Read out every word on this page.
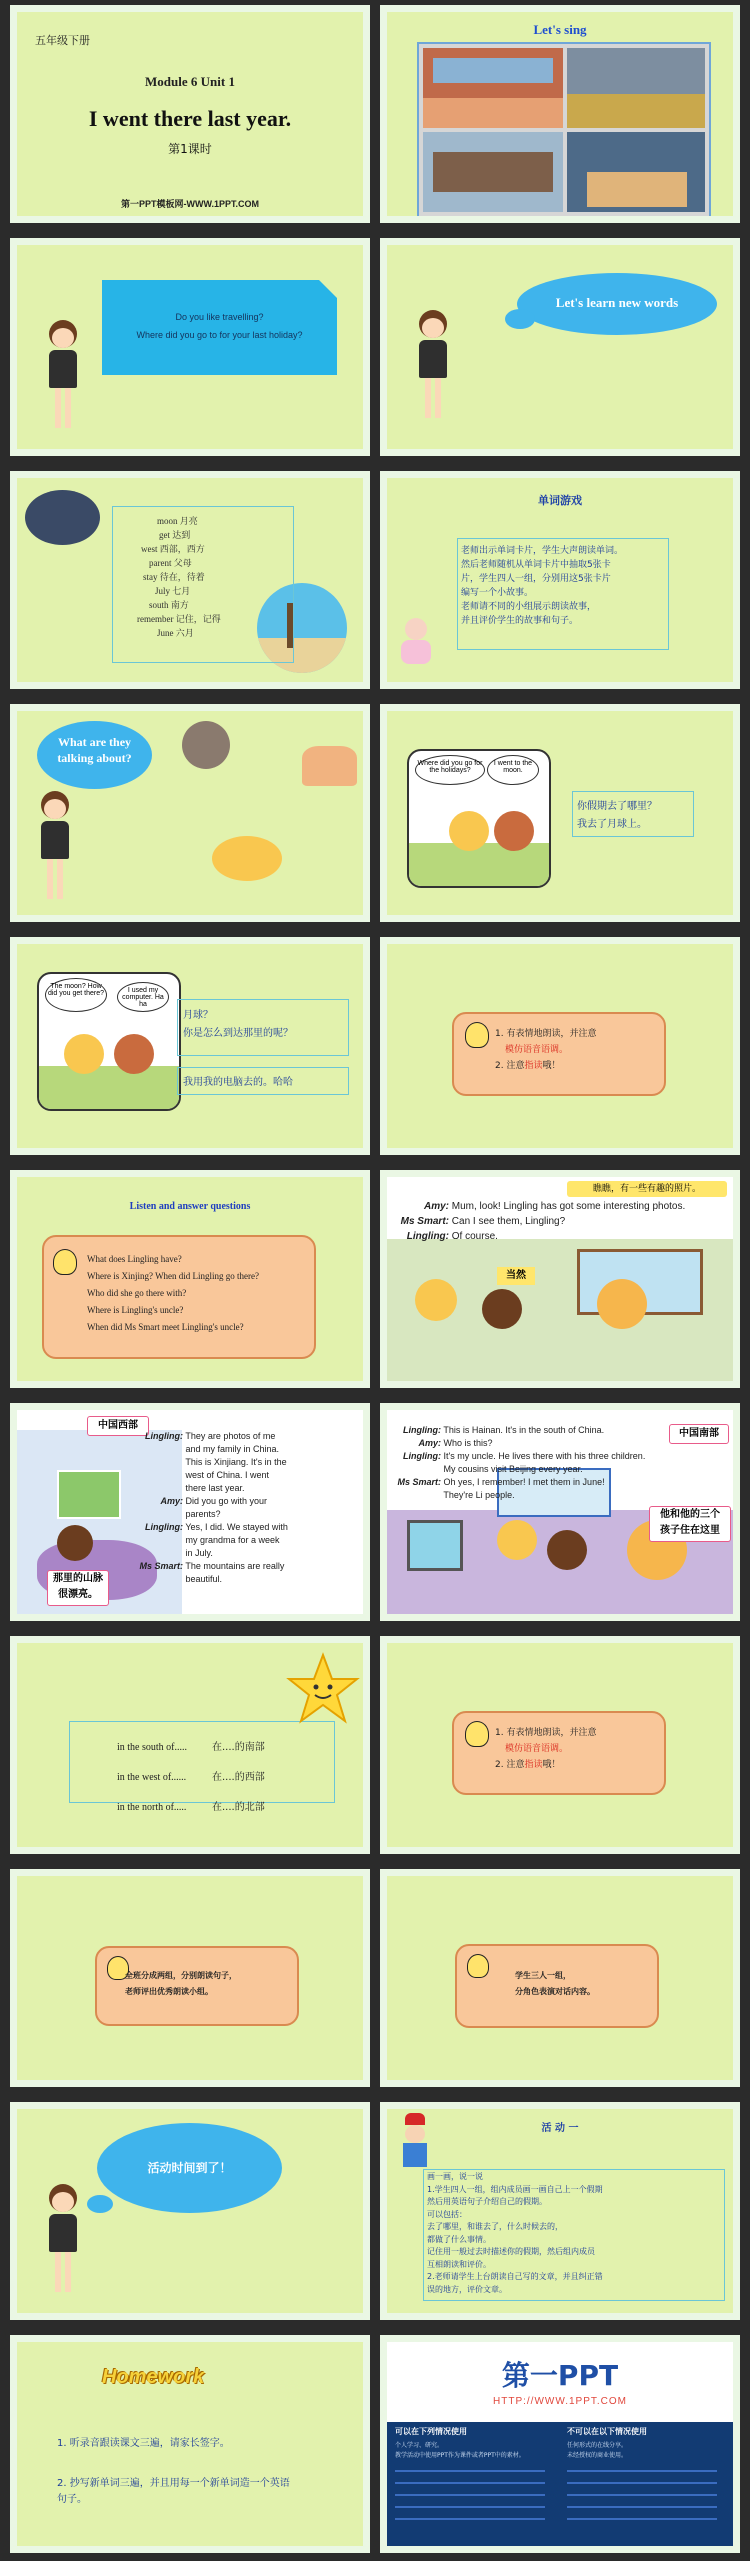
五年级下册
Module 6 Unit 1
I went there last year.
第1课时
第一PPT模板网-WWW.1PPT.COM
Let's sing
Do you like travelling?
Where did you go to for your last holiday?
Let's learn new words
moon 月亮
get 达到
west 西部，西方
parent 父母
stay 待在，待着
July 七月
south 南方
remember 记住，记得
June 六月
单词游戏
老师出示单词卡片，学生大声朗读单词。
然后老师随机从单词卡片中抽取5张卡
片，学生四人一组，分别用这5张卡片
编写一个小故事。
老师请不同的小组展示朗读故事，
并且评价学生的故事和句子。
What are they
talking about?	Where did you go for the holidays?
I went to the moon.
你假期去了哪里？
我去了月球上。
The moon? How did you get there?	I used my computer. Ha ha
月球？
你是怎么到达那里的呢？
我用我的电脑去的。哈哈
1. 有表情地朗读，并注意
模仿语音语调。
2. 注意指读哦！
Listen and answer questions
What does Lingling have?
Where is Xinjing? When did Lingling go there?
Who did she go there with?
Where is Lingling's uncle?
When did Ms Smart meet Lingling's uncle?
瞧瞧，有一些有趣的照片。
Amy: Mum, look! Lingling has got some interesting photos.
Ms Smart: Can I see them, Lingling?
Lingling: Of course.
当然
中国西部
那里的山脉
很漂亮。
Lingling: They are photos of me
and my family in China.
This is Xinjiang. It's in the
west of China. I went
there last year.
Amy: Did you go with your
parents?
Lingling: Yes, I did. We stayed with
my grandma for a week
in July.
Ms Smart: The mountains are really
beautiful.
Lingling: This is Hainan. It's in the south of China.
Amy: Who is this?
Lingling: It's my uncle. He lives there with his three children.
My cousins visit Beijing every year.
Ms Smart: Oh yes, I remember! I met them in June!
They're Li people.
中国南部
他和他的三个
孩子住在这里
in the south of.....	在....的南部
in the west of......	在....的西部
in the north of.....	在....的北部
1. 有表情地朗读，并注意
模仿语音语调。
2. 注意指读哦！
全班分成两组，分别朗读句子，
老师评出优秀朗读小组。
学生三人一组，
分角色表演对话内容。
活动时间到了！
活 动 一
画一画，说一说
1.学生四人一组，组内成员画一画自己上一个假期
然后用英语句子介绍自己的假期。
可以包括：
去了哪里，和谁去了，什么时候去的，
都做了什么事情。
记住用一般过去时描述你的假期，然后组内成员
互相朗读和评价。
2.老师请学生上台朗读自己写的文章，并且纠正错
误的地方，评价文章。
Homework
1. 听录音跟读课文三遍，请家长签字。
2. 抄写新单词三遍，并且用每一个新单词造一个英语
句子。
第一PPT
HTTP://WWW.1PPT.COM
可以在下列情况使用
个人学习、研究。
教学活动中使用PPT作为课件或者PPT中的素材。
不可以在以下情况使用
任何形式的在线分享。
未经授权的商业使用。
